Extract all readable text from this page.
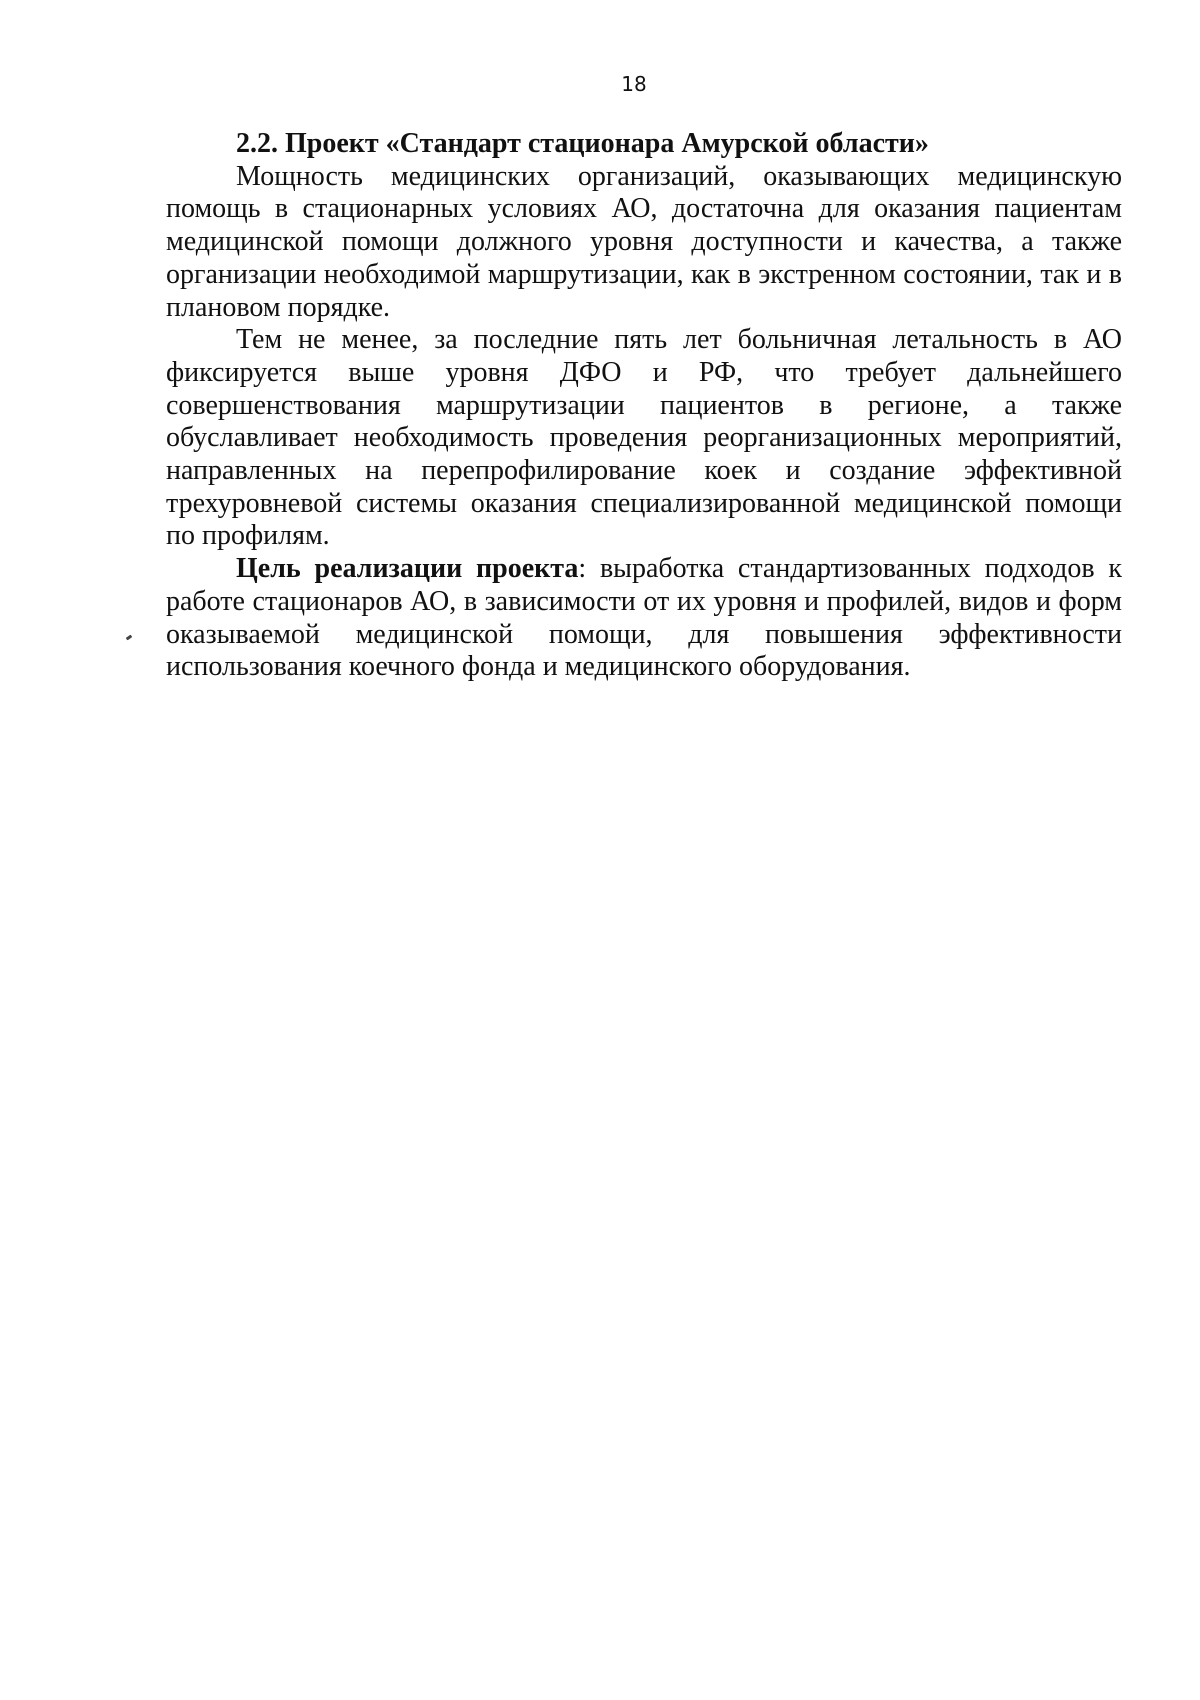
18

2.2. Проект «Стандарт стационара Амурской области»

Мощность медицинских организаций, оказывающих медицинскую помощь в стационарных условиях АО, достаточна для оказания пациентам медицинской помощи должного уровня доступности и качества, а также организации необходимой маршрутизации, как в экстренном состоянии, так и в плановом порядке.

Тем не менее, за последние пять лет больничная летальность в АО фиксируется выше уровня ДФО и РФ, что требует дальнейшего совершенствования маршрутизации пациентов в регионе, а также обуславливает необходимость проведения реорганизационных мероприятий, направленных на перепрофилирование коек и создание эффективной трехуровневой системы оказания специализированной медицинской помощи по профилям.

Цель реализации проекта: выработка стандартизованных подходов к работе стационаров АО, в зависимости от их уровня и профилей, видов и форм оказываемой медицинской помощи, для повышения эффективности использования коечного фонда и медицинского оборудования.
